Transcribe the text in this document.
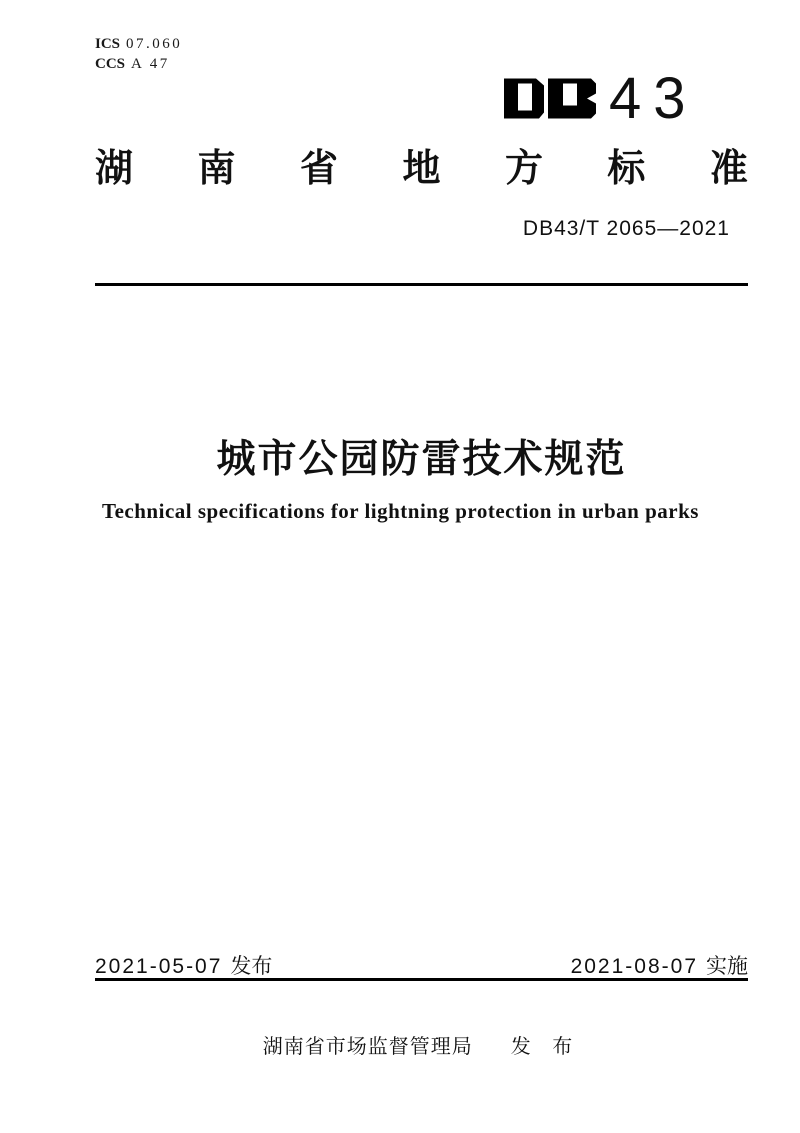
ICS 07.060
CCS A 47
43
湖 南 省 地 方 标 准
DB43/T 2065—2021
城市公园防雷技术规范
Technical specifications for lightning protection in urban parks
2021-05-07 发布	2021-08-07 实施
湖南省市场监督管理局 发 布
